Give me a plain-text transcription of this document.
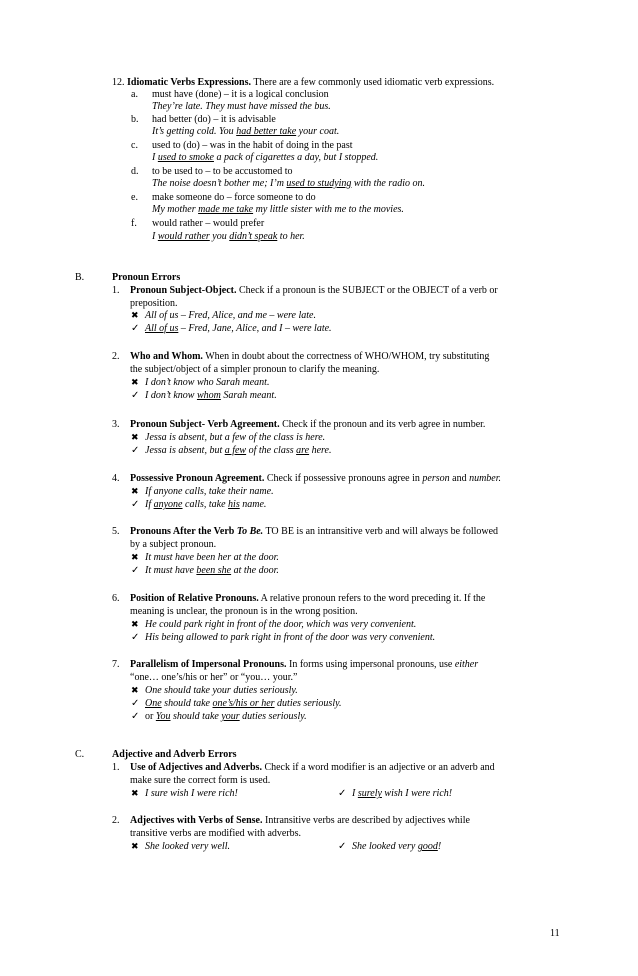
12. Idiomatic Verbs Expressions. There are a few commonly used idiomatic verb expressions.
a. must have (done) – it is a logical conclusion
They’re late. They must have missed the bus.
b. had better (do) – it is advisable
It’s getting cold. You had better take your coat.
c. used to (do) – was in the habit of doing in the past
I used to smoke a pack of cigarettes a day, but I stopped.
d. to be used to – to be accustomed to
The noise doesn’t bother me; I’m used to studying with the radio on.
e. make someone do – force someone to do
My mother made me take my little sister with me to the movies.
f. would rather – would prefer
I would rather you didn’t speak to her.
B.	Pronoun Errors
1. Pronoun Subject-Object. Check if a pronoun is the SUBJECT or the OBJECT of a verb or
preposition.
✖ All of us – Fred, Alice, and me – were late.
✓ All of us – Fred, Jane, Alice, and I – were late.
2. Who and Whom. When in doubt about the correctness of WHO/WHOM, try substituting
the subject/object of a simpler pronoun to clarify the meaning.
✖ I don’t know who Sarah meant.
✓ I don’t know whom Sarah meant.
3. Pronoun Subject- Verb Agreement. Check if the pronoun and its verb agree in number.
✖ Jessa is absent, but a few of the class is here.
✓ Jessa is absent, but a few of the class are here.
4. Possessive Pronoun Agreement. Check if possessive pronouns agree in person and number.
✖ If anyone calls, take their name.
✓ If anyone calls, take his name.
5. Pronouns After the Verb To Be. TO BE is an intransitive verb and will always be followed
by a subject pronoun.
✖ It must have been her at the door.
✓ It must have been she at the door.
6. Position of Relative Pronouns. A relative pronoun refers to the word preceding it. If the
meaning is unclear, the pronoun is in the wrong position.
✖ He could park right in front of the door, which was very convenient.
✓ His being allowed to park right in front of the door was very convenient.
7. Parallelism of Impersonal Pronouns. In forms using impersonal pronouns, use either
“one… one’s/his or her” or “you… your.”
✖ One should take your duties seriously.
✓ One should take one’s/his or her duties seriously.
✓ or You should take your duties seriously.
C.	Adjective and Adverb Errors
1. Use of Adjectives and Adverbs. Check if a word modifier is an adjective or an adverb and
make sure the correct form is used.
✖ I sure wish I were rich!	✓ I surely wish I were rich!
2. Adjectives with Verbs of Sense. Intransitive verbs are described by adjectives while
transitive verbs are modified with adverbs.
✖ She looked very well.	✓ She looked very good!
11
